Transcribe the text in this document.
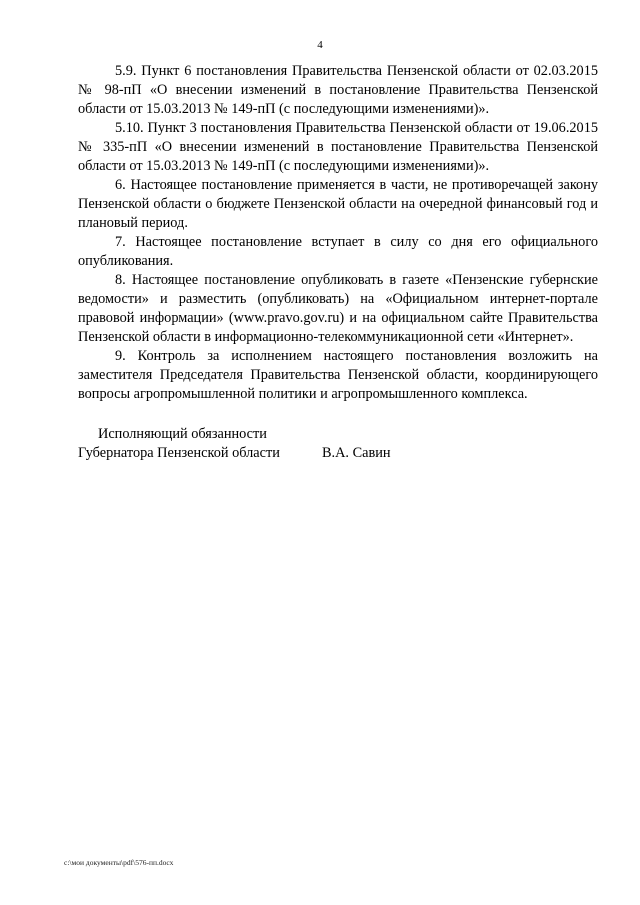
4

5.9. Пункт 6 постановления Правительства Пензенской области от 02.03.2015 № 98-пП «О внесении изменений в постановление Правительства Пензенской области от 15.03.2013 № 149-пП (с последующими изменениями)».

5.10. Пункт 3 постановления Правительства Пензенской области от 19.06.2015 № 335-пП «О внесении изменений в постановление Правительства Пензенской области от 15.03.2013 № 149-пП (с последующими изменениями)».

6. Настоящее постановление применяется в части, не противоречащей закону Пензенской области о бюджете Пензенской области на очередной финансовый год и плановый период.

7. Настоящее постановление вступает в силу со дня его официального опубликования.

8. Настоящее постановление опубликовать в газете «Пензенские губернские ведомости» и разместить (опубликовать) на «Официальном интернет-портале правовой информации» (www.pravo.gov.ru) и на официальном сайте Правительства Пензенской области в информационно-телекоммуникационной сети «Интернет».

9. Контроль за исполнением настоящего постановления возложить на заместителя Председателя Правительства Пензенской области, координирующего вопросы агропромышленной политики и агропромышленного комплекса.

Исполняющий обязанности
Губернатора Пензенской области	В.А. Савин
c:\мои документы\pdf\576-пп.docx
